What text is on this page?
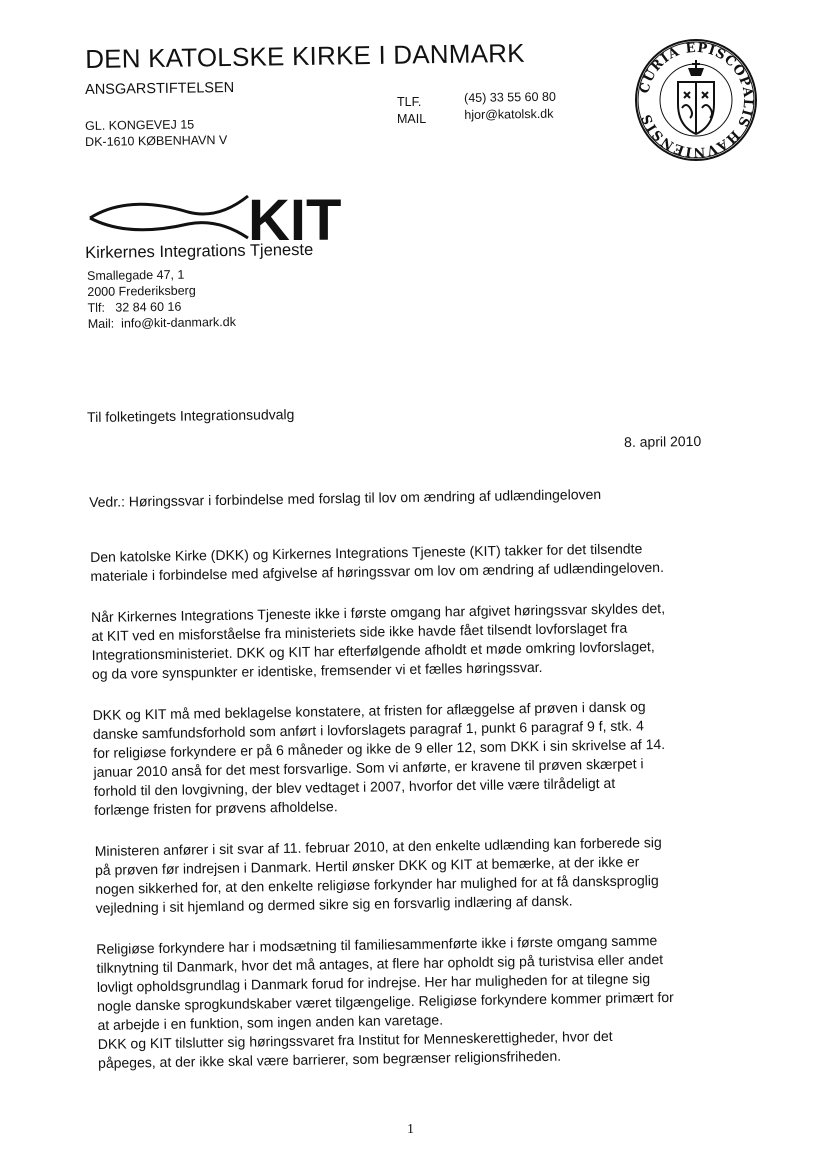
DEN KATOLSKE KIRKE I DANMARK
ANSGARSTIFTELSEN
GL. KONGEVEJ 15
DK-1610 KØBENHAVN V
TLF.
MAIL
(45) 33 55 60 80
hjor@katolsk.dk
CURIA EPISCOPALIS HAVNIENSIS
KIT
Kirkernes Integrations Tjeneste
Smallegade 47, 1
2000 Frederiksberg
Tlf:   32 84 60 16
Mail:  info@kit-danmark.dk
Til folketingets Integrationsudvalg
8. april 2010
Vedr.: Høringssvar i forbindelse med forslag til lov om ændring af udlændingeloven

Den katolske Kirke (DKK) og Kirkernes Integrations Tjeneste (KIT) takker for det tilsendte
materiale i forbindelse med afgivelse af høringssvar om lov om ændring af udlændingeloven.

Når Kirkernes Integrations Tjeneste ikke i første omgang har afgivet høringssvar skyldes det,
at KIT ved en misforståelse fra ministeriets side ikke havde fået tilsendt lovforslaget fra
Integrationsministeriet. DKK og KIT har efterfølgende afholdt et møde omkring lovforslaget,
og da vore synspunkter er identiske, fremsender vi et fælles høringssvar.

DKK og KIT må med beklagelse konstatere, at fristen for aflæggelse af prøven i dansk og
danske samfundsforhold som anført i lovforslagets paragraf 1, punkt 6 paragraf 9 f, stk. 4
for religiøse forkyndere er på 6 måneder og ikke de 9 eller 12, som DKK i sin skrivelse af 14.
januar 2010 anså for det mest forsvarlige. Som vi anførte, er kravene til prøven skærpet i
forhold til den lovgivning, der blev vedtaget i 2007, hvorfor det ville være tilrådeligt at
forlænge fristen for prøvens afholdelse.

Ministeren anfører i sit svar af 11. februar 2010, at den enkelte udlænding kan forberede sig
på prøven før indrejsen i Danmark. Hertil ønsker DKK og KIT at bemærke, at der ikke er
nogen sikkerhed for, at den enkelte religiøse forkynder har mulighed for at få dansksproglig
vejledning i sit hjemland og dermed sikre sig en forsvarlig indlæring af dansk.

Religiøse forkyndere har i modsætning til familiesammenførte ikke i første omgang samme
tilknytning til Danmark, hvor det må antages, at flere har opholdt sig på turistvisa eller andet
lovligt opholdsgrundlag i Danmark forud for indrejse. Her har muligheden for at tilegne sig
nogle danske sprogkundskaber været tilgængelige. Religiøse forkyndere kommer primært for
at arbejde i en funktion, som ingen anden kan varetage.

DKK og KIT tilslutter sig høringssvaret fra Institut for Menneskerettigheder, hvor det
påpeges, at der ikke skal være barrierer, som begrænser religionsfriheden.

1
